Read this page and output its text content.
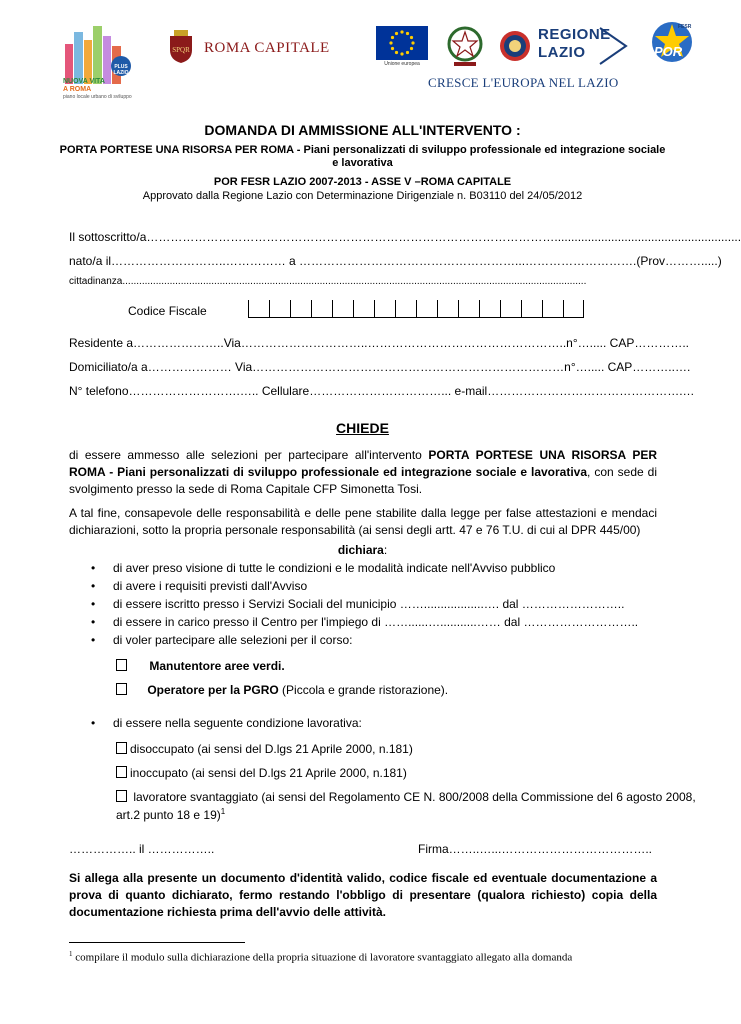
NUOVA VITA
A ROMA
piano locale urbano di sviluppo
PLUS LAZIO
SPQR ROMA CAPITALE
Unione europea
REGIONE
LAZIO	POR
FESR
CRESCE L'EUROPA NEL LAZIO
DOMANDA DI AMMISSIONE ALL'INTERVENTO :
PORTA PORTESE UNA RISORSA PER ROMA - Piani personalizzati di sviluppo professionale ed integrazione sociale
e lavorativa
POR FESR LAZIO 2007-2013 - ASSE V –ROMA CAPITALE
Approvato dalla Regione Lazio con Determinazione Dirigenziale n. B03110 del 24/05/2012
Il sottoscritto/a…………………………………………………………………………………………........................................................
nato/a il………………………..…………… a ………………………………………………...……………………….(Prov……….....)
cittadinanza.......................................................................................................................................................................
Codice Fiscale
Residente a…………………..Via…………………………..…………………………………………..n°…..... CAP…………..
Domiciliato/a a………………… Via……………………………………………………………………n°…..... CAP………..….
N° telefono……………………….….. Cellulare……………………………... e-mail………………………………………….…
CHIEDE
di essere ammesso alle selezioni per partecipare all'intervento PORTA PORTESE UNA RISORSA PER ROMA - Piani personalizzati di sviluppo professionale ed integrazione sociale e lavorativa, con sede di svolgimento presso la sede di Roma Capitale CFP Simonetta Tosi.
A tal fine, consapevole delle responsabilità e delle pene stabilite dalla legge per false attestazioni e mendaci dichiarazioni, sotto la propria personale responsabilità (ai sensi degli artt. 47 e 76 T.U. di cui al DPR 445/00)
dichiara:
• di aver preso visione di tutte le condizioni e le modalità indicate nell'Avviso pubblico
• di avere i requisiti previsti dall'Avviso
• di essere iscritto presso i Servizi Sociali del municipio ……..................…. dal ……………………..
• di essere in carico presso il Centro per l'impiego di ……......…...........…… dal ………………………..
• di voler partecipare alle selezioni per il corso:
Manutentore aree verdi.
Operatore per la PGRO (Piccola e grande ristorazione).
• di essere nella seguente condizione lavorativa:
disoccupato (ai sensi del D.lgs 21 Aprile 2000, n.181)
inoccupato (ai sensi del D.lgs 21 Aprile 2000, n.181)
lavoratore svantaggiato (ai sensi del Regolamento CE N. 800/2008 della Commissione del 6 agosto 2008,
art.2 punto 18 e 19)$^1$
…………….. il ……………..	Firma……..…...………………………………..
Si allega alla presente un documento d'identità valido, codice fiscale ed eventuale documentazione a prova di quanto dichiarato, fermo restando l'obbligo di presentare (qualora richiesto) copia della documentazione richiesta prima dell'avvio delle attività.
$^1$ compilare il modulo sulla dichiarazione della propria situazione di lavoratore svantaggiato allegato alla domanda
